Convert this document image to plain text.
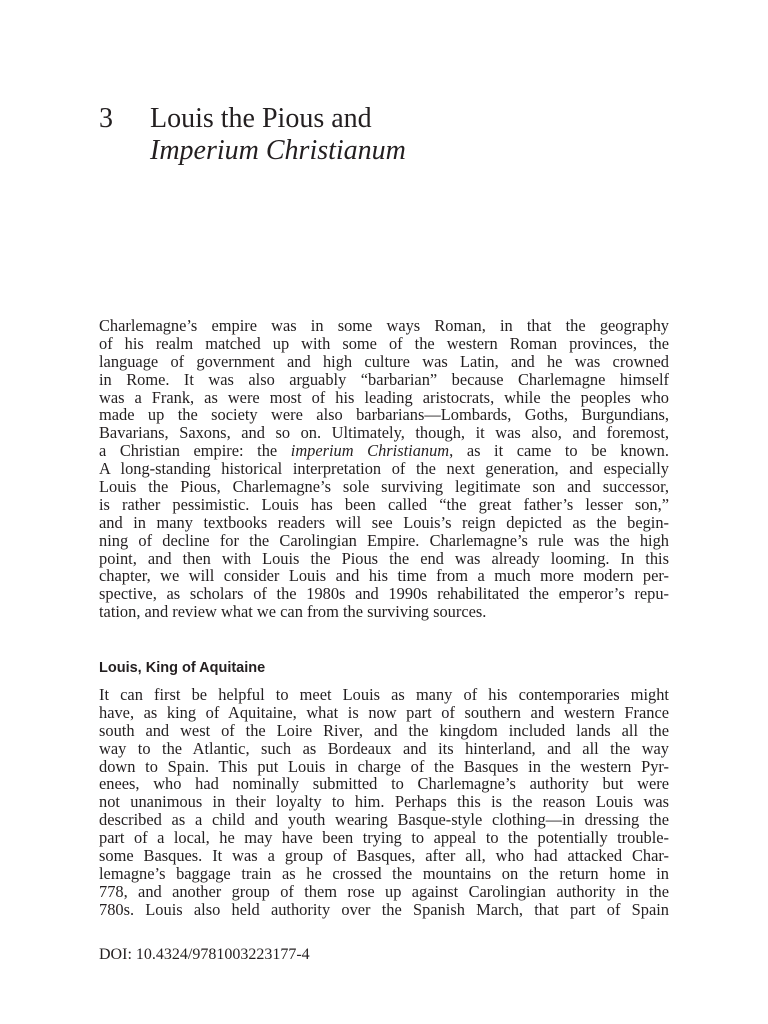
3 Louis the Pious and
Imperium Christianum
Charlemagne’s empire was in some ways Roman, in that the geography
of his realm matched up with some of the western Roman provinces, the
language of government and high culture was Latin, and he was crowned
in Rome. It was also arguably “barbarian” because Charlemagne himself
was a Frank, as were most of his leading aristocrats, while the peoples who
made up the society were also barbarians—Lombards, Goths, Burgundians,
Bavarians, Saxons, and so on. Ultimately, though, it was also, and foremost,
a Christian empire: the imperium Christianum, as it came to be known.
A long-standing historical interpretation of the next generation, and especially
Louis the Pious, Charlemagne’s sole surviving legitimate son and successor,
is rather pessimistic. Louis has been called “the great father’s lesser son,”
and in many textbooks readers will see Louis’s reign depicted as the begin-
ning of decline for the Carolingian Empire. Charlemagne’s rule was the high
point, and then with Louis the Pious the end was already looming. In this
chapter, we will consider Louis and his time from a much more modern per-
spective, as scholars of the 1980s and 1990s rehabilitated the emperor’s repu-
tation, and review what we can from the surviving sources.
Louis, King of Aquitaine
It can first be helpful to meet Louis as many of his contemporaries might
have, as king of Aquitaine, what is now part of southern and western France
south and west of the Loire River, and the kingdom included lands all the
way to the Atlantic, such as Bordeaux and its hinterland, and all the way
down to Spain. This put Louis in charge of the Basques in the western Pyr-
enees, who had nominally submitted to Charlemagne’s authority but were
not unanimous in their loyalty to him. Perhaps this is the reason Louis was
described as a child and youth wearing Basque-style clothing—in dressing the
part of a local, he may have been trying to appeal to the potentially trouble-
some Basques. It was a group of Basques, after all, who had attacked Char-
lemagne’s baggage train as he crossed the mountains on the return home in
778, and another group of them rose up against Carolingian authority in the
780s. Louis also held authority over the Spanish March, that part of Spain
DOI: 10.4324/9781003223177-4
